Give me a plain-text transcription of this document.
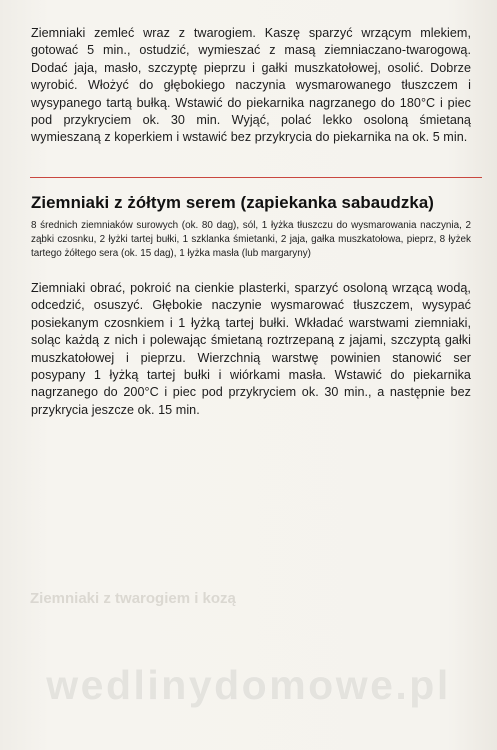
Ziemniaki z twarogiem i kozą

Ziemniaki zemleć wraz z twarogiem. Kaszę sparzyć wrzącym mlekiem, gotować 5 min., ostudzić, wymieszać z masą ziemniaczano-twarogową. Dodać jaja, masło, szczyptę pieprzu i gałki muszkatołowej, osolić. Dobrze wyrobić. Włożyć do głębokiego naczynia wysmarowanego tłuszczem i wysypanego tartą bułką. Wstawić do piekarnika nagrzanego do 180°C i piec pod przykryciem ok. 30 min. Wyjąć, polać lekko osoloną śmietaną wymieszaną z koperkiem i wstawić bez przykrycia do piekarnika na ok. 5 min.

Ziemniaki z żółtym serem (zapiekanka sabaudzka)

8 średnich ziemniaków surowych (ok. 80 dag), sól, 1 łyżka tłuszczu do wysmarowania naczynia, 2 ząbki czosnku, 2 łyżki tartej bułki, 1 szklanka śmietanki, 2 jaja, gałka muszkatołowa, pieprz, 8 łyżek tartego żółtego sera (ok. 15 dag), 1 łyżka masła (lub margaryny)

Ziemniaki obrać, pokroić na cienkie plasterki, sparzyć osoloną wrzącą wodą, odcedzić, osuszyć. Głębokie naczynie wysmarować tłuszczem, wysypać posiekanym czosnkiem i 1 łyżką tartej bułki. Wkładać warstwami ziemniaki, soląc każdą z nich i polewając śmietaną roztrzepaną z jajami, szczyptą gałki muszkatołowej i pieprzu. Wierzchnią warstwę powinien stanowić ser posypany 1 łyżką tartej bułki i wiórkami masła. Wstawić do piekarnika nagrzanego do 200°C i piec pod przykryciem ok. 30 min., a następnie bez przykrycia jeszcze ok. 15 min.

wedlinydomowe.pl
